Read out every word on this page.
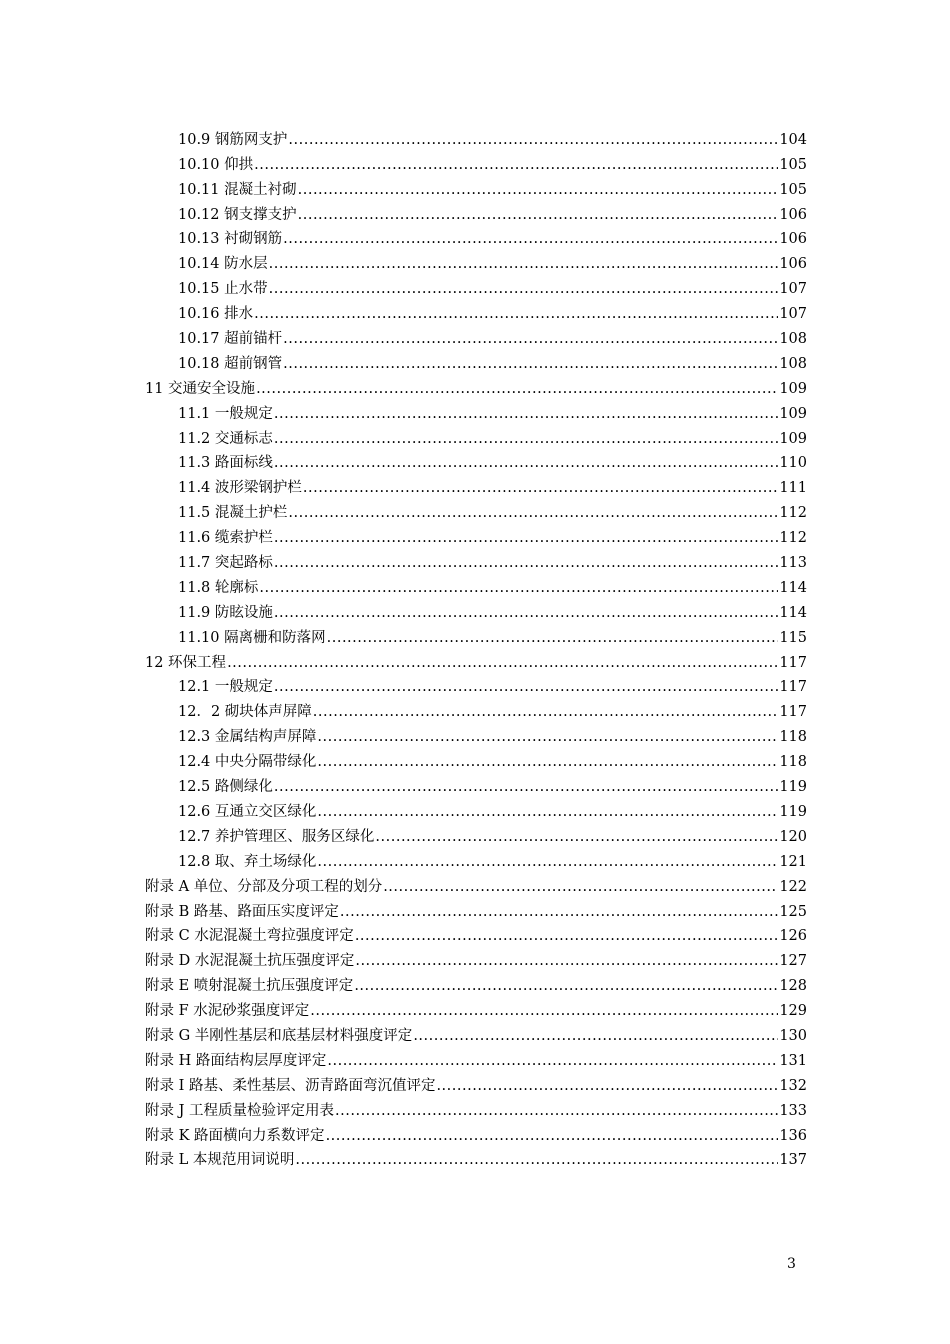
10.9 钢筋网支护 .....	104
10.10 仰拱 .....	105
10.11 混凝土衬砌 .....	105
10.12 钢支撑支护 .....	106
10.13 衬砌钢筋 .....	106
10.14 防水层 .....	106
10.15 止水带 .....	107
10.16 排水 .....	107
10.17 超前锚杆 .....	108
10.18 超前钢管 .....	108
11 交通安全设施 .....	109
11.1 一般规定 .....	109
11.2 交通标志 .....	109
11.3 路面标线 .....	110
11.4 波形梁钢护栏 .....	111
11.5 混凝土护栏 .....	112
11.6 缆索护栏 .....	112
11.7 突起路标 .....	113
11.8 轮廓标 .....	114
11.9 防眩设施 .....	114
11.10 隔离栅和防落网 .....	115
12 环保工程 .....	117
12.1 一般规定 .....	117
12．2 砌块体声屏障 .....	117
12.3 金属结构声屏障 .....	118
12.4 中央分隔带绿化 .....	118
12.5 路侧绿化 .....	119
12.6 互通立交区绿化 .....	119
12.7 养护管理区、服务区绿化 .....	120
12.8 取、弃土场绿化 .....	121
附录 A 单位、分部及分项工程的划分 .....	122
附录 B 路基、路面压实度评定 .....	125
附录 C 水泥混凝土弯拉强度评定 .....	126
附录 D 水泥混凝土抗压强度评定 .....	127
附录 E 喷射混凝土抗压强度评定 .....	128
附录 F 水泥砂浆强度评定 .....	129
附录 G 半刚性基层和底基层材料强度评定 .....	130
附录 H 路面结构层厚度评定 .....	131
附录 I 路基、柔性基层、沥青路面弯沉值评定 .....	132
附录 J 工程质量检验评定用表 .....	133
附录 K 路面横向力系数评定 .....	136
附录 L 本规范用词说明 .....	137
3
